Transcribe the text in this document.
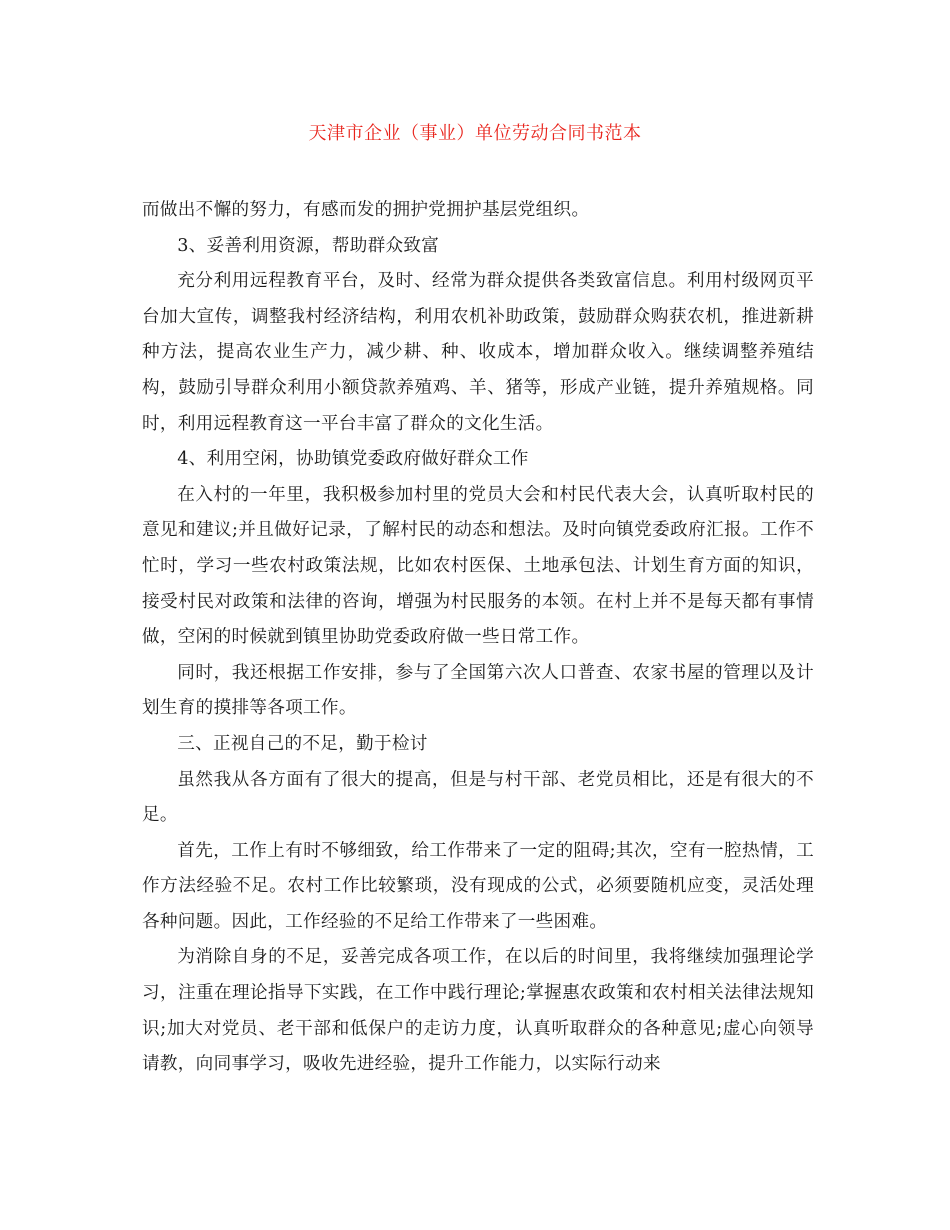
天津市企业（事业）单位劳动合同书范本

而做出不懈的努力，有感而发的拥护党拥护基层党组织。

3、妥善利用资源，帮助群众致富

充分利用远程教育平台，及时、经常为群众提供各类致富信息。利用村级网页平台加大宣传，调整我村经济结构，利用农机补助政策，鼓励群众购获农机，推进新耕种方法，提高农业生产力，减少耕、种、收成本，增加群众收入。继续调整养殖结构，鼓励引导群众利用小额贷款养殖鸡、羊、猪等，形成产业链，提升养殖规格。同时，利用远程教育这一平台丰富了群众的文化生活。

4、利用空闲，协助镇党委政府做好群众工作

在入村的一年里，我积极参加村里的党员大会和村民代表大会，认真听取村民的意见和建议;并且做好记录，了解村民的动态和想法。及时向镇党委政府汇报。工作不忙时，学习一些农村政策法规，比如农村医保、土地承包法、计划生育方面的知识，接受村民对政策和法律的咨询，增强为村民服务的本领。在村上并不是每天都有事情做，空闲的时候就到镇里协助党委政府做一些日常工作。

同时，我还根据工作安排，参与了全国第六次人口普查、农家书屋的管理以及计划生育的摸排等各项工作。

三、正视自己的不足，勤于检讨

虽然我从各方面有了很大的提高，但是与村干部、老党员相比，还是有很大的不足。

首先，工作上有时不够细致，给工作带来了一定的阻碍;其次，空有一腔热情，工作方法经验不足。农村工作比较繁琐，没有现成的公式，必须要随机应变，灵活处理各种问题。因此，工作经验的不足给工作带来了一些困难。

为消除自身的不足，妥善完成各项工作，在以后的时间里，我将继续加强理论学习，注重在理论指导下实践，在工作中践行理论;掌握惠农政策和农村相关法律法规知识;加大对党员、老干部和低保户的走访力度，认真听取群众的各种意见;虚心向领导请教，向同事学习，吸收先进经验，提升工作能力，以实际行动来
